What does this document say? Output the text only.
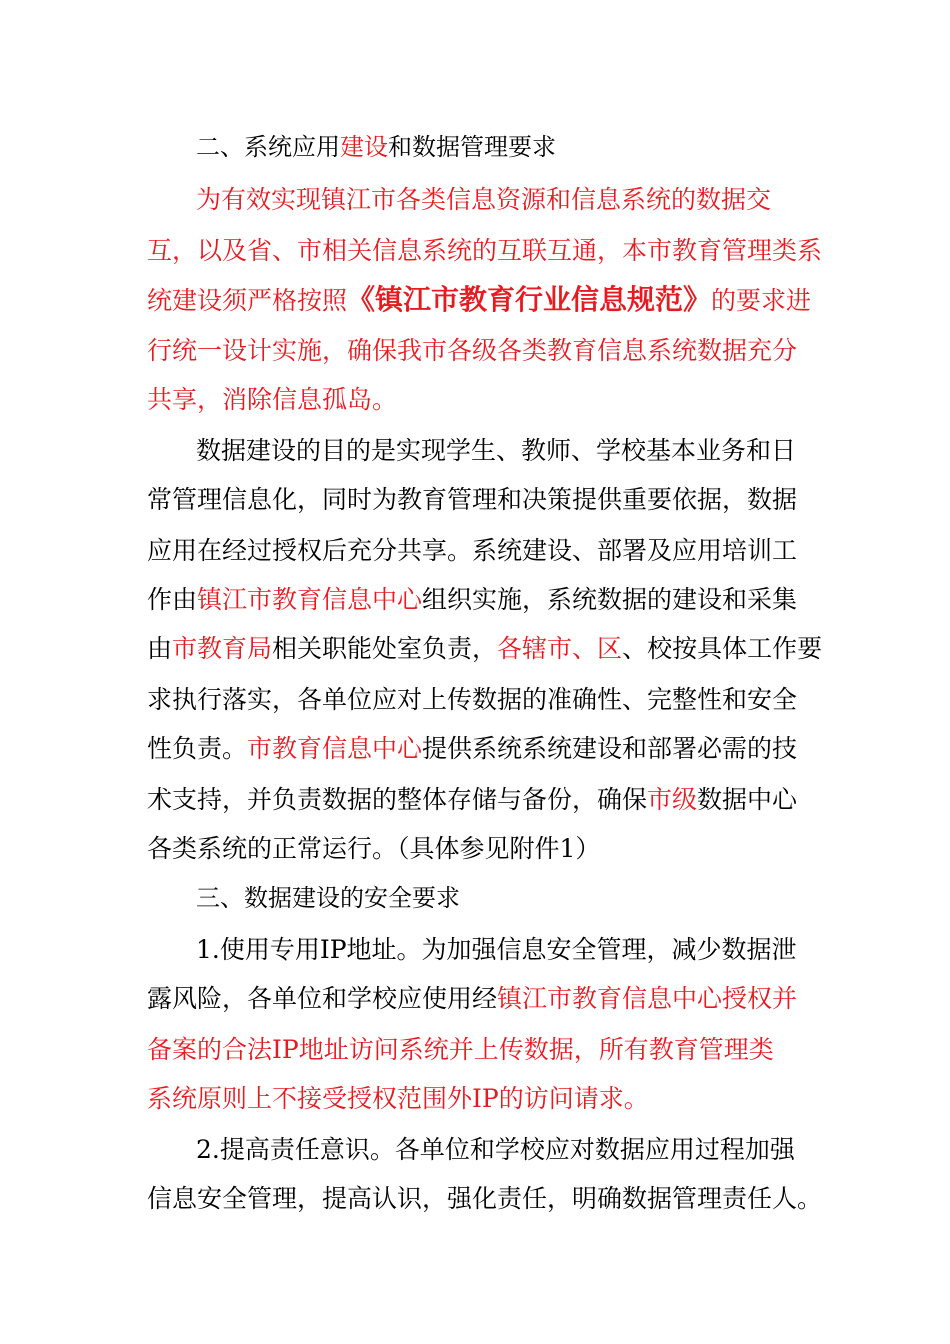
二、系统应用建设和数据管理要求
为有效实现镇江市各类信息资源和信息系统的数据交
互，以及省、市相关信息系统的互联互通，本市教育管理类系
统建设须严格按照《镇江市教育行业信息规范》的要求进
行统一设计实施，确保我市各级各类教育信息系统数据充分
共享，消除信息孤岛。
数据建设的目的是实现学生、教师、学校基本业务和日
常管理信息化，同时为教育管理和决策提供重要依据，数据
应用在经过授权后充分共享。系统建设、部署及应用培训工
作由镇江市教育信息中心组织实施，系统数据的建设和采集
由市教育局相关职能处室负责，各辖市、区、校按具体工作要
求执行落实，各单位应对上传数据的准确性、完整性和安全
性负责。市教育信息中心提供系统系统建设和部署必需的技
术支持，并负责数据的整体存储与备份，确保市级数据中心
各类系统的正常运行。（具体参见附件1）
三、数据建设的安全要求
1.使用专用IP地址。为加强信息安全管理，减少数据泄
露风险，各单位和学校应使用经镇江市教育信息中心授权并
备案的合法IP地址访问系统并上传数据，所有教育管理类
系统原则上不接受授权范围外IP的访问请求。
2.提高责任意识。各单位和学校应对数据应用过程加强
信息安全管理，提高认识，强化责任，明确数据管理责任人。
